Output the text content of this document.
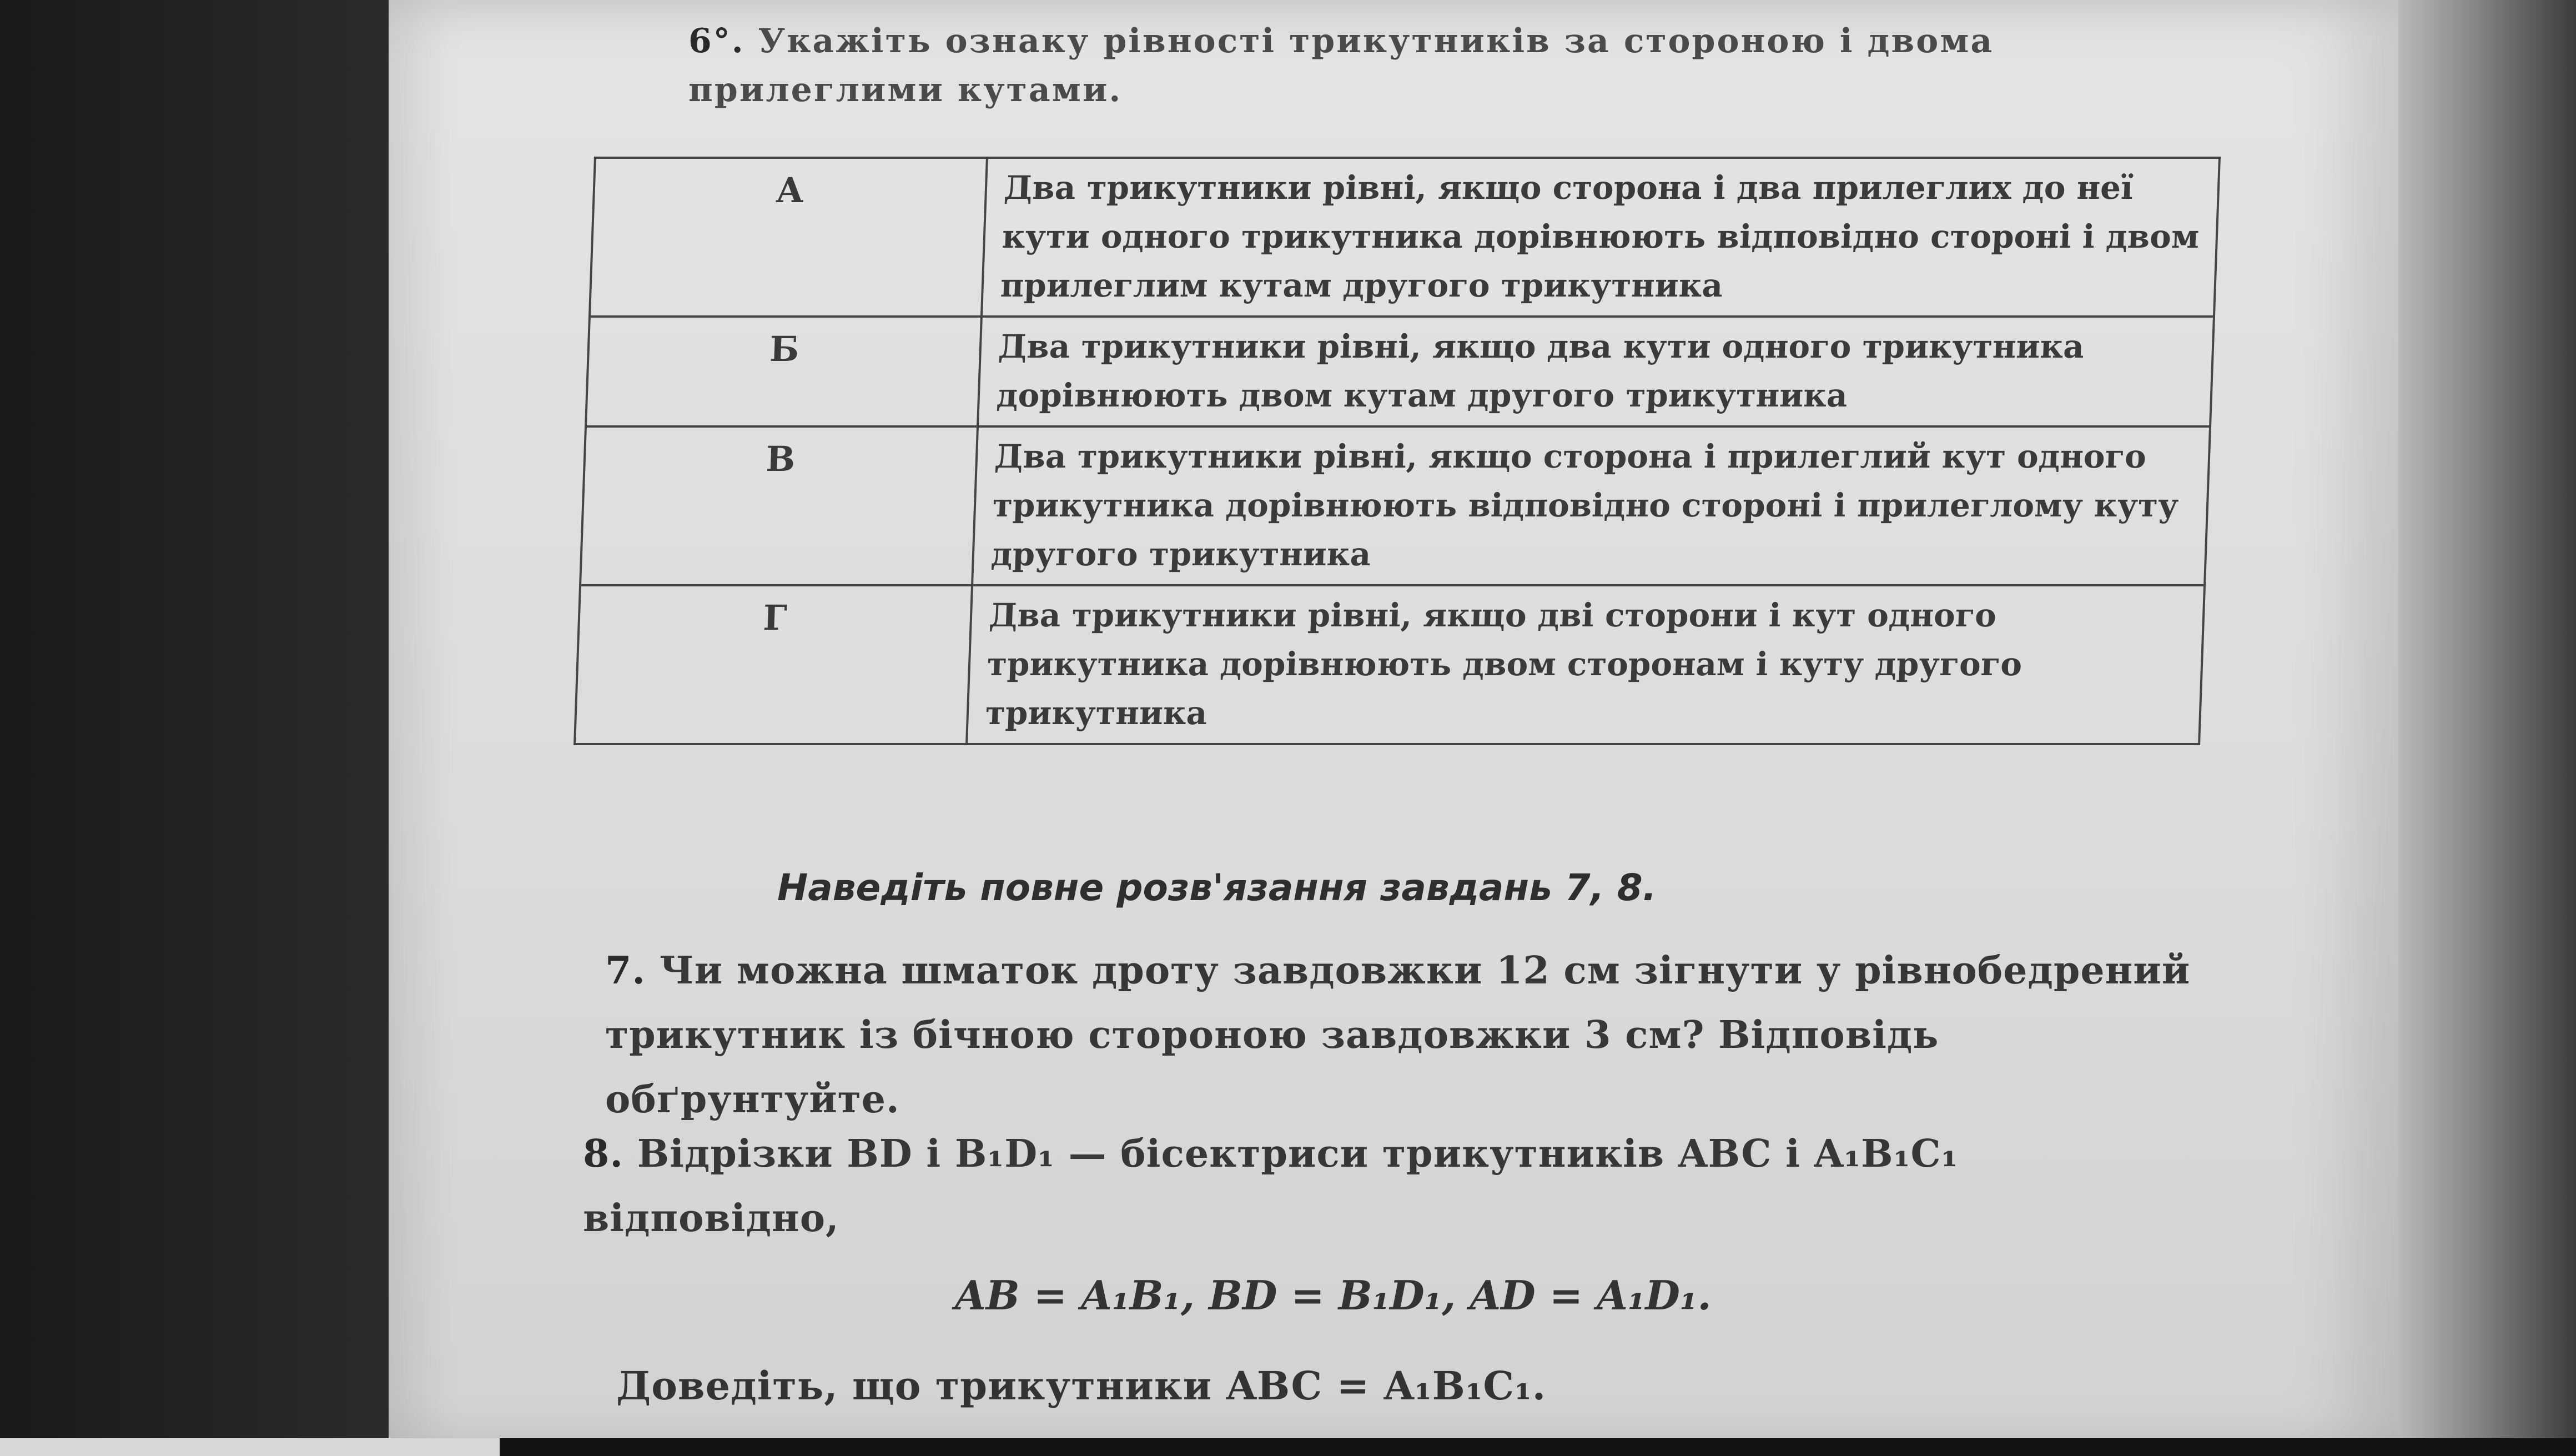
6°. Укажіть ознаку рівності трикутників за стороною і двома прилеглими кутами.
А	Два трикутники рівні, якщо сторона і два прилеглих до неї кути одного трикутника дорівнюють відповідно стороні і двом прилеглим кутам другого трикутника
Б	Два трикутники рівні, якщо два кути одного трикутника дорівнюють двом кутам другого трикутника
В	Два трикутники рівні, якщо сторона і прилеглий кут одного трикутника дорівнюють відповідно стороні і прилеглому куту другого трикутника
Г	Два трикутники рівні, якщо дві сторони і кут одного трикутника дорівнюють двом сторонам і куту другого трикутника
Наведіть повне розв'язання завдань 7, 8.
7. Чи можна шматок дроту завдовжки 12 см зігнути у рівнобедрений трикутник із бічною стороною завдовжки 3 см? Відповідь обґрунтуйте.
8. Відрізки BD і B₁D₁ — бісектриси трикутників ABC і A₁B₁C₁ відповідно,
AB = A₁B₁, BD = B₁D₁, AD = A₁D₁.
Доведіть, що трикутники ABC = A₁B₁C₁.
